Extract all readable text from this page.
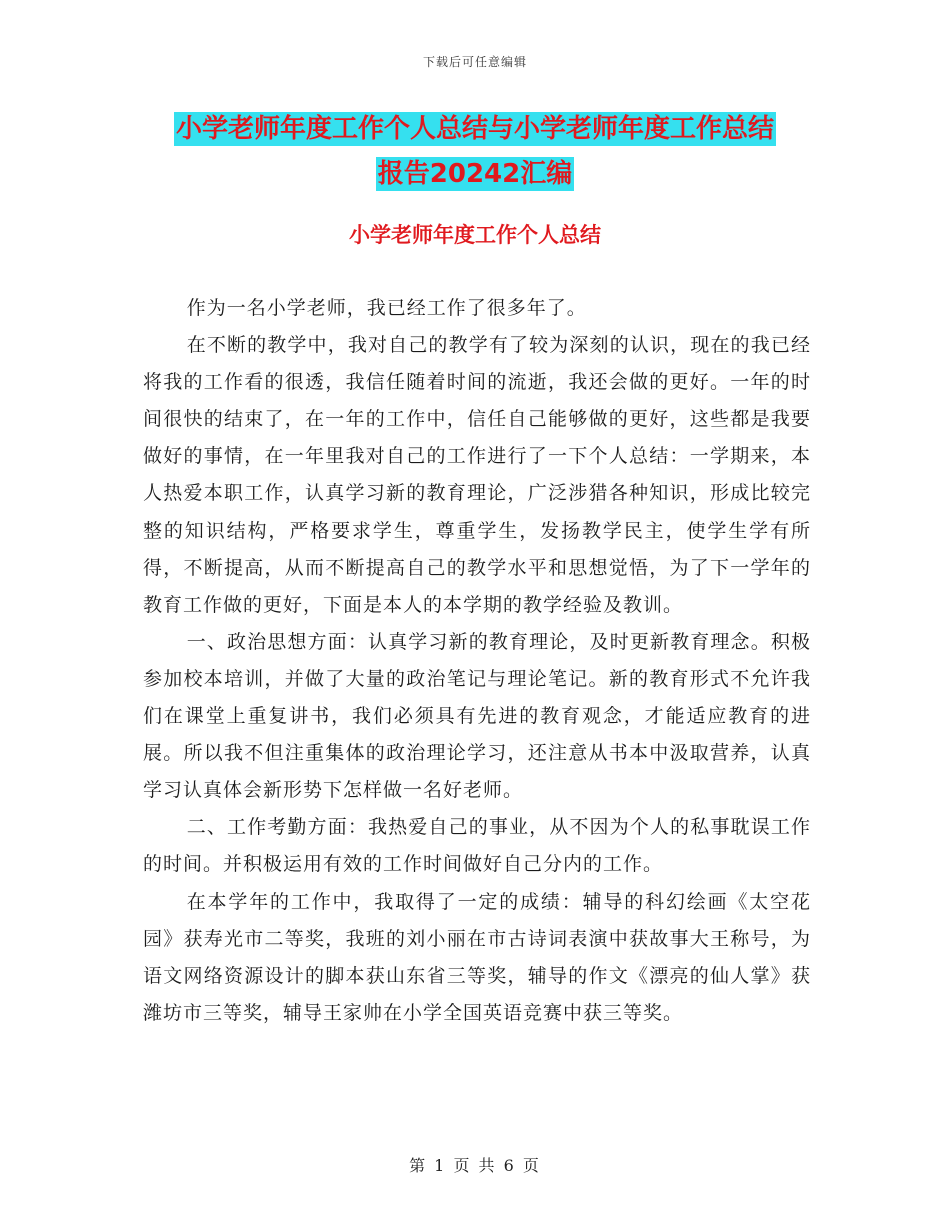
下载后可任意编辑
小学老师年度工作个人总结与小学老师年度工作总结
报告20242汇编
小学老师年度工作个人总结

作为一名小学老师，我已经工作了很多年了。

在不断的教学中，我对自己的教学有了较为深刻的认识，现在的我已经将我的工作看的很透，我信任随着时间的流逝，我还会做的更好。一年的时间很快的结束了，在一年的工作中，信任自己能够做的更好，这些都是我要做好的事情，在一年里我对自己的工作进行了一下个人总结：一学期来，本人热爱本职工作，认真学习新的教育理论，广泛涉猎各种知识，形成比较完整的知识结构，严格要求学生，尊重学生，发扬教学民主，使学生学有所得，不断提高，从而不断提高自己的教学水平和思想觉悟，为了下一学年的教育工作做的更好，下面是本人的本学期的教学经验及教训。

一、政治思想方面：认真学习新的教育理论，及时更新教育理念。积极参加校本培训，并做了大量的政治笔记与理论笔记。新的教育形式不允许我们在课堂上重复讲书，我们必须具有先进的教育观念，才能适应教育的进展。所以我不但注重集体的政治理论学习，还注意从书本中汲取营养，认真学习认真体会新形势下怎样做一名好老师。

二、工作考勤方面：我热爱自己的事业，从不因为个人的私事耽误工作的时间。并积极运用有效的工作时间做好自己分内的工作。

在本学年的工作中，我取得了一定的成绩：辅导的科幻绘画《太空花园》获寿光市二等奖，我班的刘小丽在市古诗词表演中获故事大王称号，为语文网络资源设计的脚本获山东省三等奖，辅导的作文《漂亮的仙人掌》获潍坊市三等奖，辅导王家帅在小学全国英语竞赛中获三等奖。

第 1 页 共 6 页
